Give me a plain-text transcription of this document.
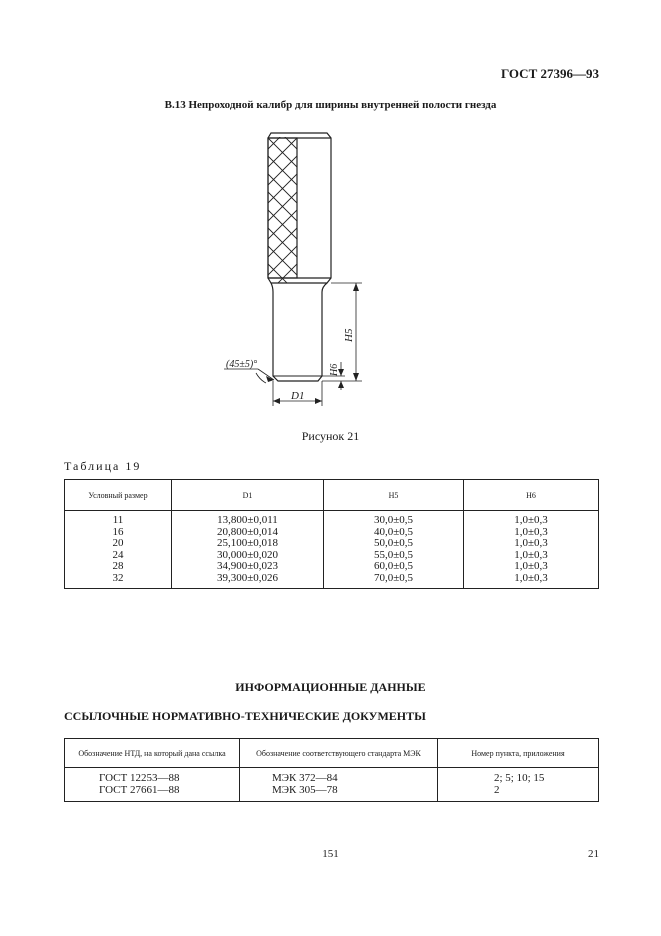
ГОСТ 27396—93
В.13 Непроходной калибр для ширины внутренней полости гнезда
(45±5)°
H5
H6
D1
Рисунок 21
Таблица 19
Условный размер	D1	H5	H6
11	13,800±0,011	30,0±0,5	1,0±0,3
16	20,800±0,014	40,0±0,5	1,0±0,3
20	25,100±0,018	50,0±0,5	1,0±0,3
24	30,000±0,020	55,0±0,5	1,0±0,3
28	34,900±0,023	60,0±0,5	1,0±0,3
32	39,300±0,026	70,0±0,5	1,0±0,3
ИНФОРМАЦИОННЫЕ ДАННЫЕ
ССЫЛОЧНЫЕ НОРМАТИВНО-ТЕХНИЧЕСКИЕ ДОКУМЕНТЫ
Обозначение НТД, на который дана ссылка	Обозначение соответствующего стандарта МЭК	Номер пункта, приложения
ГОСТ 12253—88	МЭК 372—84	2; 5; 10; 15
ГОСТ 27661—88	МЭК 305—78	2
151	21
